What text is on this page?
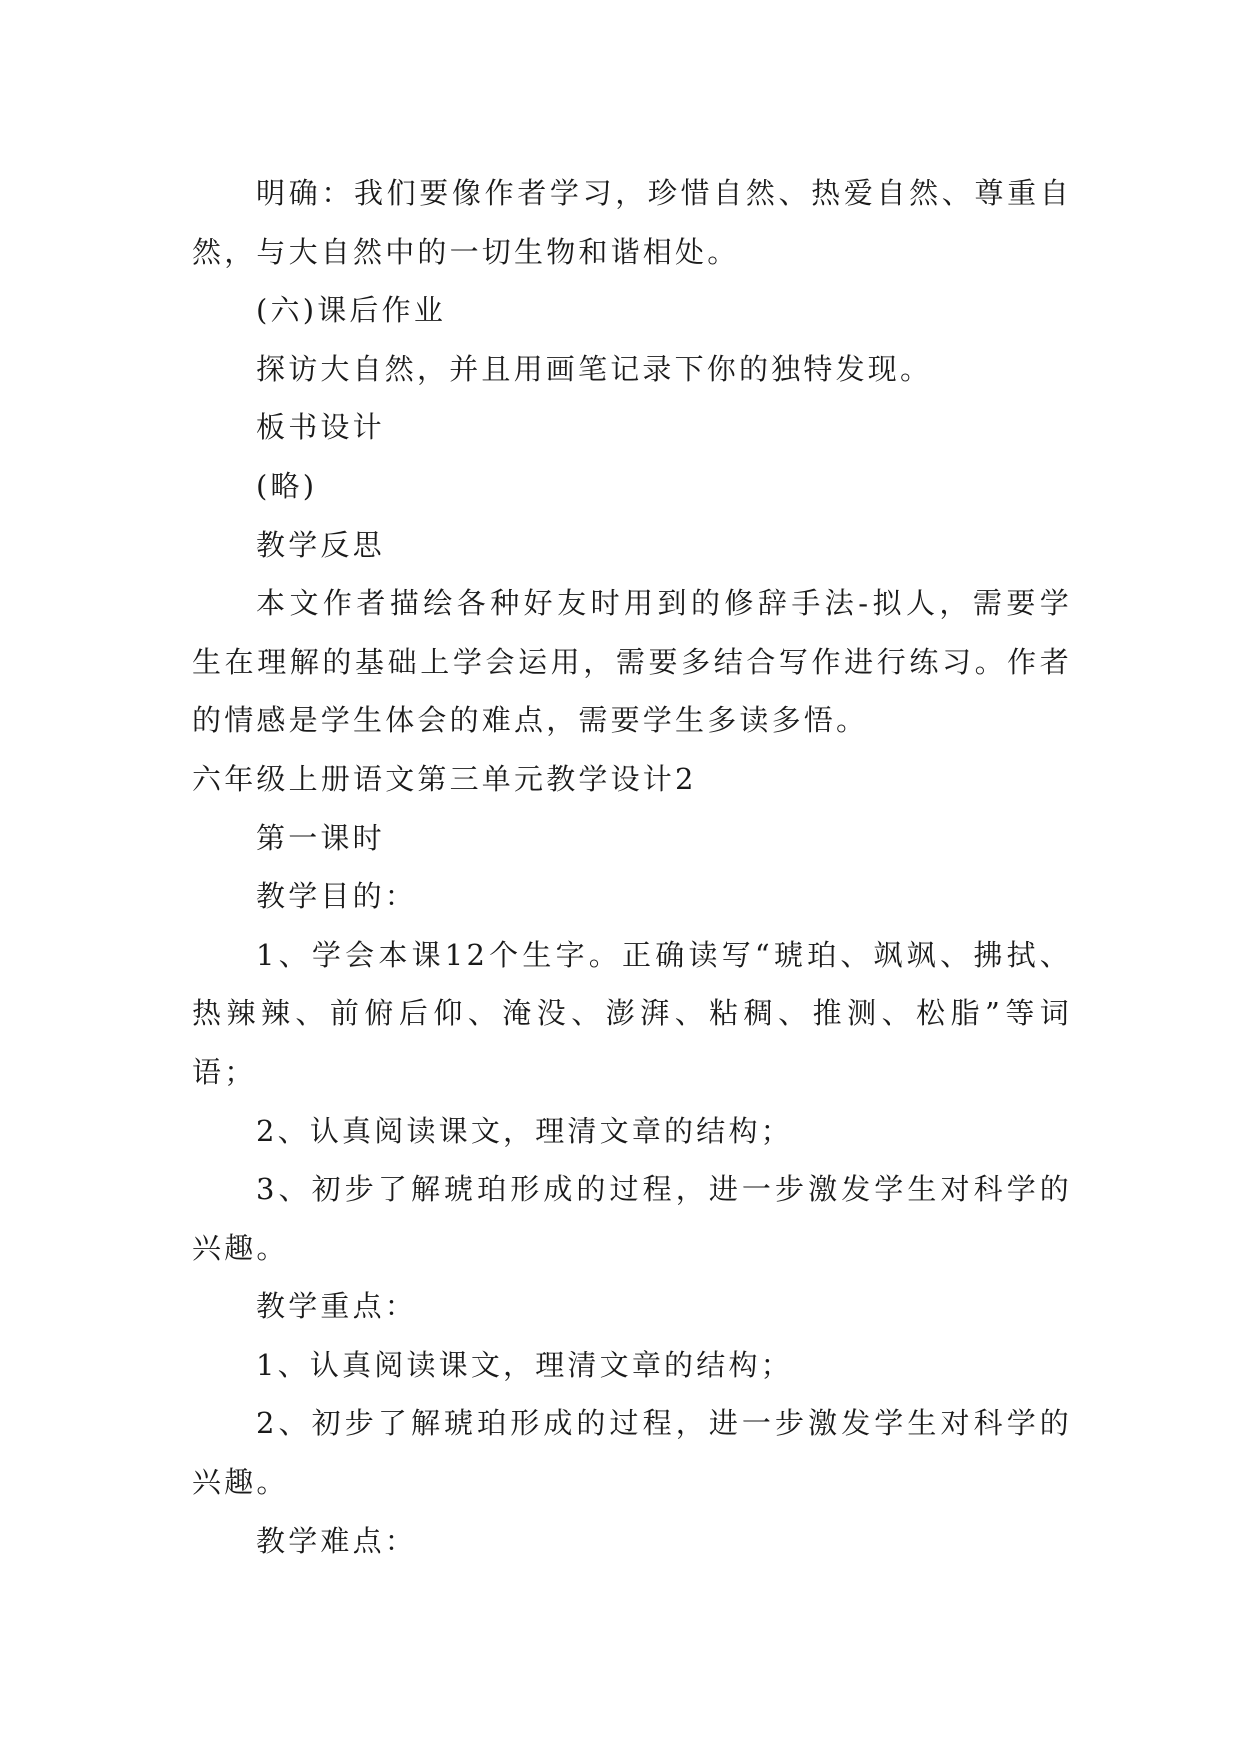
明确：我们要像作者学习，珍惜自然、热爱自然、尊重自然，与大自然中的一切生物和谐相处。

(六)课后作业

探访大自然，并且用画笔记录下你的独特发现。

板书设计

(略)

教学反思

本文作者描绘各种好友时用到的修辞手法-拟人，需要学生在理解的基础上学会运用，需要多结合写作进行练习。作者的情感是学生体会的难点，需要学生多读多悟。

六年级上册语文第三单元教学设计2

第一课时

教学目的：

1、学会本课12个生字。正确读写“琥珀、飒飒、拂拭、热辣辣、前俯后仰、淹没、澎湃、粘稠、推测、松脂”等词语；

2、认真阅读课文，理清文章的结构；

3、初步了解琥珀形成的过程，进一步激发学生对科学的兴趣。

教学重点：

1、认真阅读课文，理清文章的结构；

2、初步了解琥珀形成的过程，进一步激发学生对科学的兴趣。

教学难点：
